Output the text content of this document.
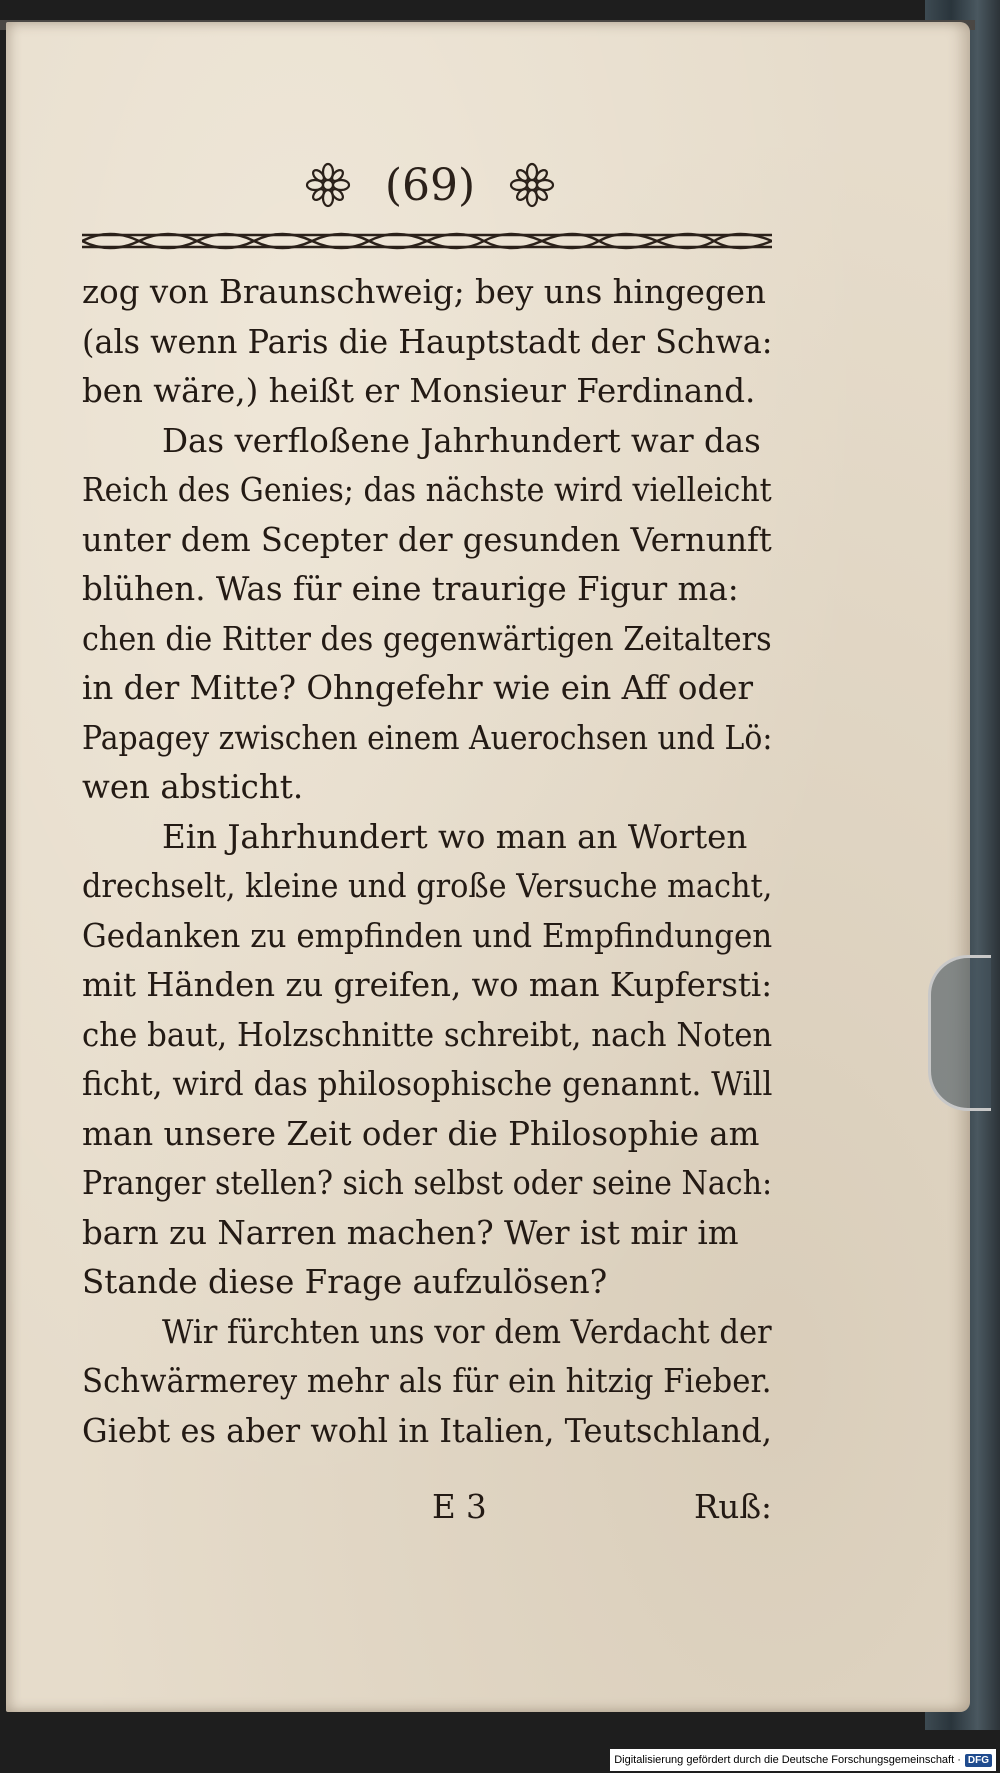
(69)
zog von Braunschweig; bey uns hingegen
(als wenn Paris die Hauptstadt der Schwa:
ben wäre,) heißt er Monsieur Ferdinand.
Das verfloßene Jahrhundert war das
Reich des Genies; das nächste wird vielleicht
unter dem Scepter der gesunden Vernunft
blühen. Was für eine traurige Figur ma:
chen die Ritter des gegenwärtigen Zeitalters
in der Mitte? Ohngefehr wie ein Aff oder
Papagey zwischen einem Auerochsen und Lö:
wen absticht.
Ein Jahrhundert wo man an Worten
drechselt, kleine und große Versuche macht,
Gedanken zu empfinden und Empfindungen
mit Händen zu greifen, wo man Kupfersti:
che baut, Holzschnitte schreibt, nach Noten
ficht, wird das philosophische genannt. Will
man unsere Zeit oder die Philosophie am
Pranger stellen? sich selbst oder seine Nach:
barn zu Narren machen? Wer ist mir im
Stande diese Frage aufzulösen?
Wir fürchten uns vor dem Verdacht der
Schwärmerey mehr als für ein hitzig Fieber.
Giebt es aber wohl in Italien, Teutschland,
E 3	Ruß:
Digitalisierung gefördert durch die Deutsche Forschungsgemeinschaft · DFG
